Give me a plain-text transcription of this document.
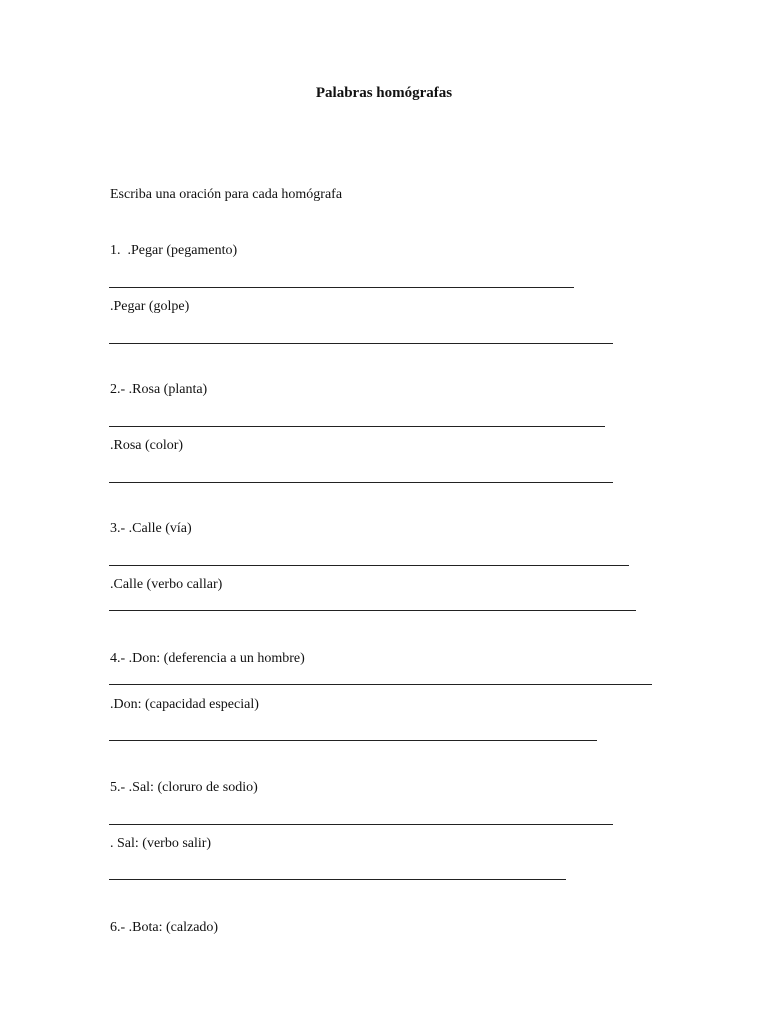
Palabras homógrafas
Escriba una oración para cada homógrafa
1.  .Pegar (pegamento)
.Pegar (golpe)
2.- .Rosa (planta)
.Rosa (color)
3.- .Calle (vía)
.Calle (verbo callar)
4.- .Don: (deferencia a un hombre)
.Don: (capacidad especial)
5.- .Sal: (cloruro de sodio)
. Sal: (verbo salir)
6.- .Bota: (calzado)
